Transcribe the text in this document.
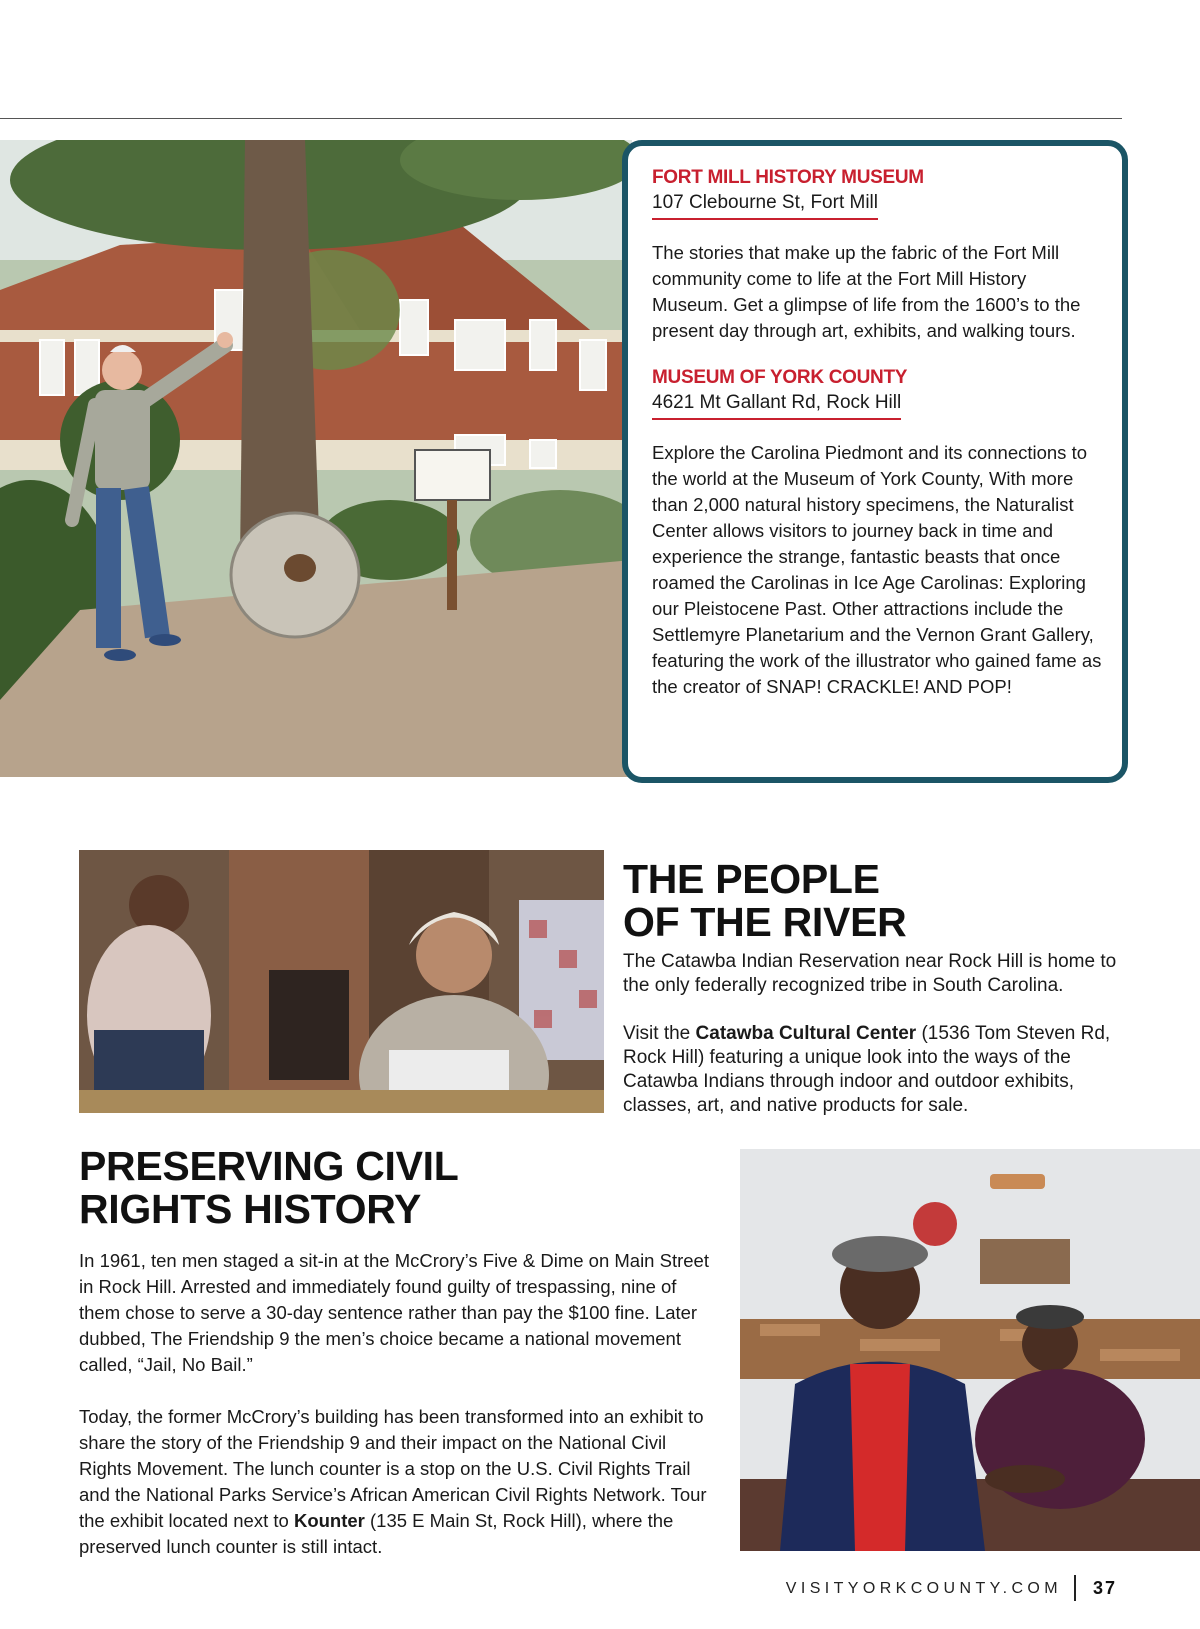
FORT MILL HISTORY MUSEUM
107 Clebourne St, Fort Mill

The stories that make up the fabric of the Fort Mill community come to life at the Fort Mill History Museum. Get a glimpse of life from the 1600’s to the present day through art, exhibits, and walking tours.

MUSEUM OF YORK COUNTY
4621 Mt Gallant Rd, Rock Hill

Explore the Carolina Piedmont and its connections to the world at the Museum of York County, With more than 2,000 natural history specimens, the Naturalist Center allows visitors to journey back in time and experience the strange, fantastic beasts that once roamed the Carolinas in Ice Age Carolinas: Exploring our Pleistocene Past. Other attractions include the Settlemyre Planetarium and the Vernon Grant Gallery, featuring the work of the illustrator who gained fame as the creator of SNAP! CRACKLE! AND POP!

THE PEOPLE
OF THE RIVER
The Catawba Indian Reservation near Rock Hill is home to the only federally recognized tribe in South Carolina.
Visit the Catawba Cultural Center (1536 Tom Steven Rd, Rock Hill) featuring a unique look into the ways of the Catawba Indians through indoor and outdoor exhibits, classes, art, and native products for sale.
PRESERVING CIVIL
RIGHTS HISTORY
In 1961, ten men staged a sit-in at the McCrory’s Five & Dime on Main Street in Rock Hill. Arrested and immediately found guilty of trespassing, nine of them chose to serve a 30-day sentence rather than pay the $100 fine. Later dubbed, The Friendship 9 the men’s choice became a national movement called, “Jail, No Bail.”
Today, the former McCrory’s building has been transformed into an exhibit to share the story of the Friendship 9 and their impact on the National Civil Rights Movement. The lunch counter is a stop on the U.S. Civil Rights Trail and the National Parks Service’s African American Civil Rights Network. Tour the exhibit located next to Kounter (135 E Main St, Rock Hill), where the preserved lunch counter is still intact.
VISITYORKCOUNTY.COM 37
